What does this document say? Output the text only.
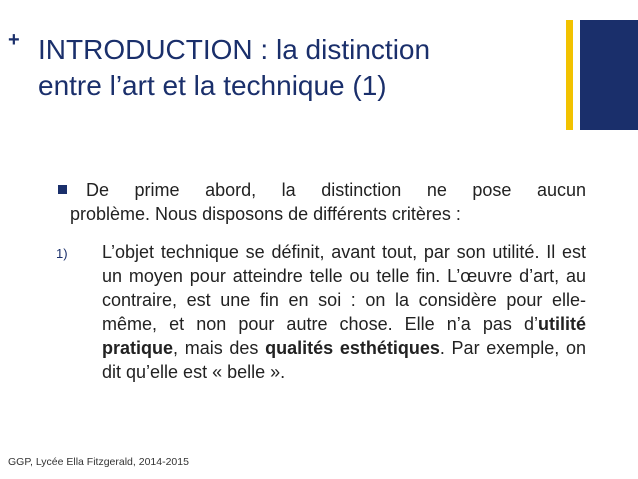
+ INTRODUCTION : la distinction
entre l’art et la technique (1)
De prime abord, la distinction ne pose aucun
problème. Nous disposons de différents critères :
1) L’objet technique se définit, avant tout, par son utilité. Il est un moyen pour atteindre telle ou telle fin. L’œuvre d’art, au contraire, est une fin en soi : on la considère pour elle-même, et non pour autre chose. Elle n’a pas d’utilité pratique, mais des qualités esthétiques. Par exemple, on dit qu’elle est « belle ».
GGP, Lycée Ella Fitzgerald, 2014-2015
